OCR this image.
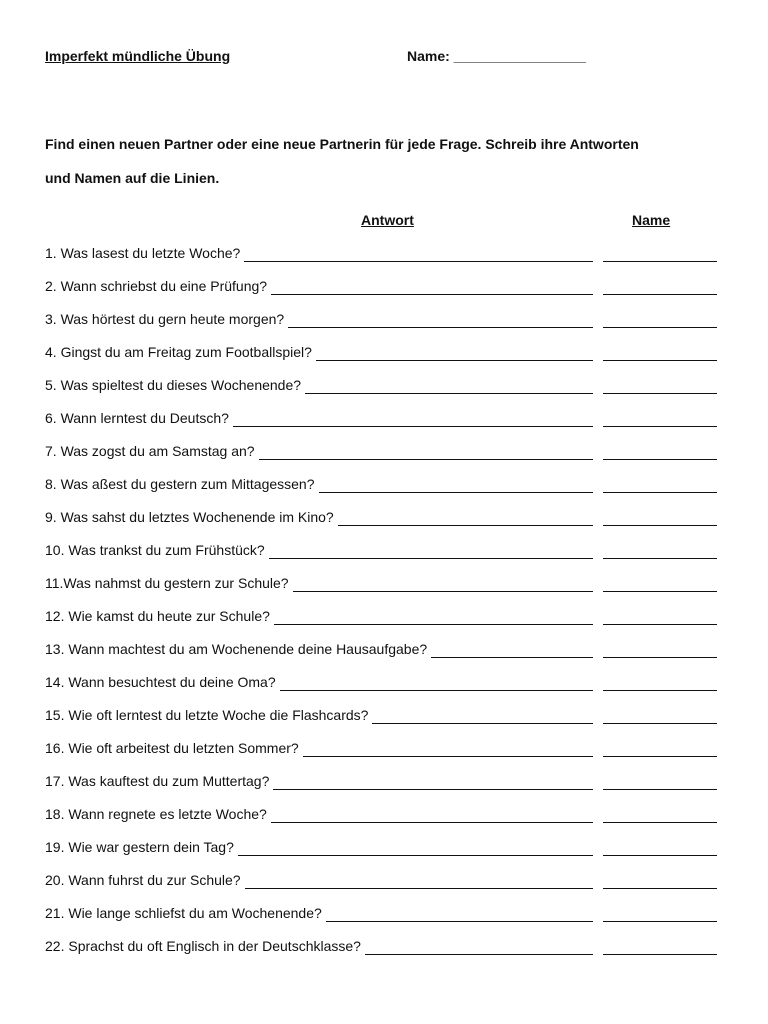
Imperfekt mündliche Übung	Name: _________________
Find einen neuen Partner oder eine neue Partnerin für jede Frage. Schreib ihre Antworten
und Namen auf die Linien.
Antwort	Name
1. Was lasest du letzte Woche?
2. Wann schriebst du eine Prüfung?
3. Was hörtest du gern heute morgen?
4. Gingst du am Freitag zum Footballspiel?
5. Was spieltest du dieses Wochenende?
6. Wann lerntest du Deutsch?
7. Was zogst du am Samstag an?
8. Was aßest du gestern zum Mittagessen?
9. Was sahst du letztes Wochenende im Kino?
10. Was trankst du zum Frühstück?
11.Was nahmst du gestern zur Schule?
12. Wie kamst du heute zur Schule?
13. Wann machtest du am Wochenende deine Hausaufgabe?
14. Wann besuchtest du deine Oma?
15. Wie oft lerntest du letzte Woche die Flashcards?
16. Wie oft arbeitest du letzten Sommer?
17. Was kauftest du zum Muttertag?
18. Wann regnete es letzte Woche?
19. Wie war gestern dein Tag?
20. Wann fuhrst du zur Schule?
21. Wie lange schliefst du am Wochenende?
22. Sprachst du oft Englisch in der Deutschklasse?
